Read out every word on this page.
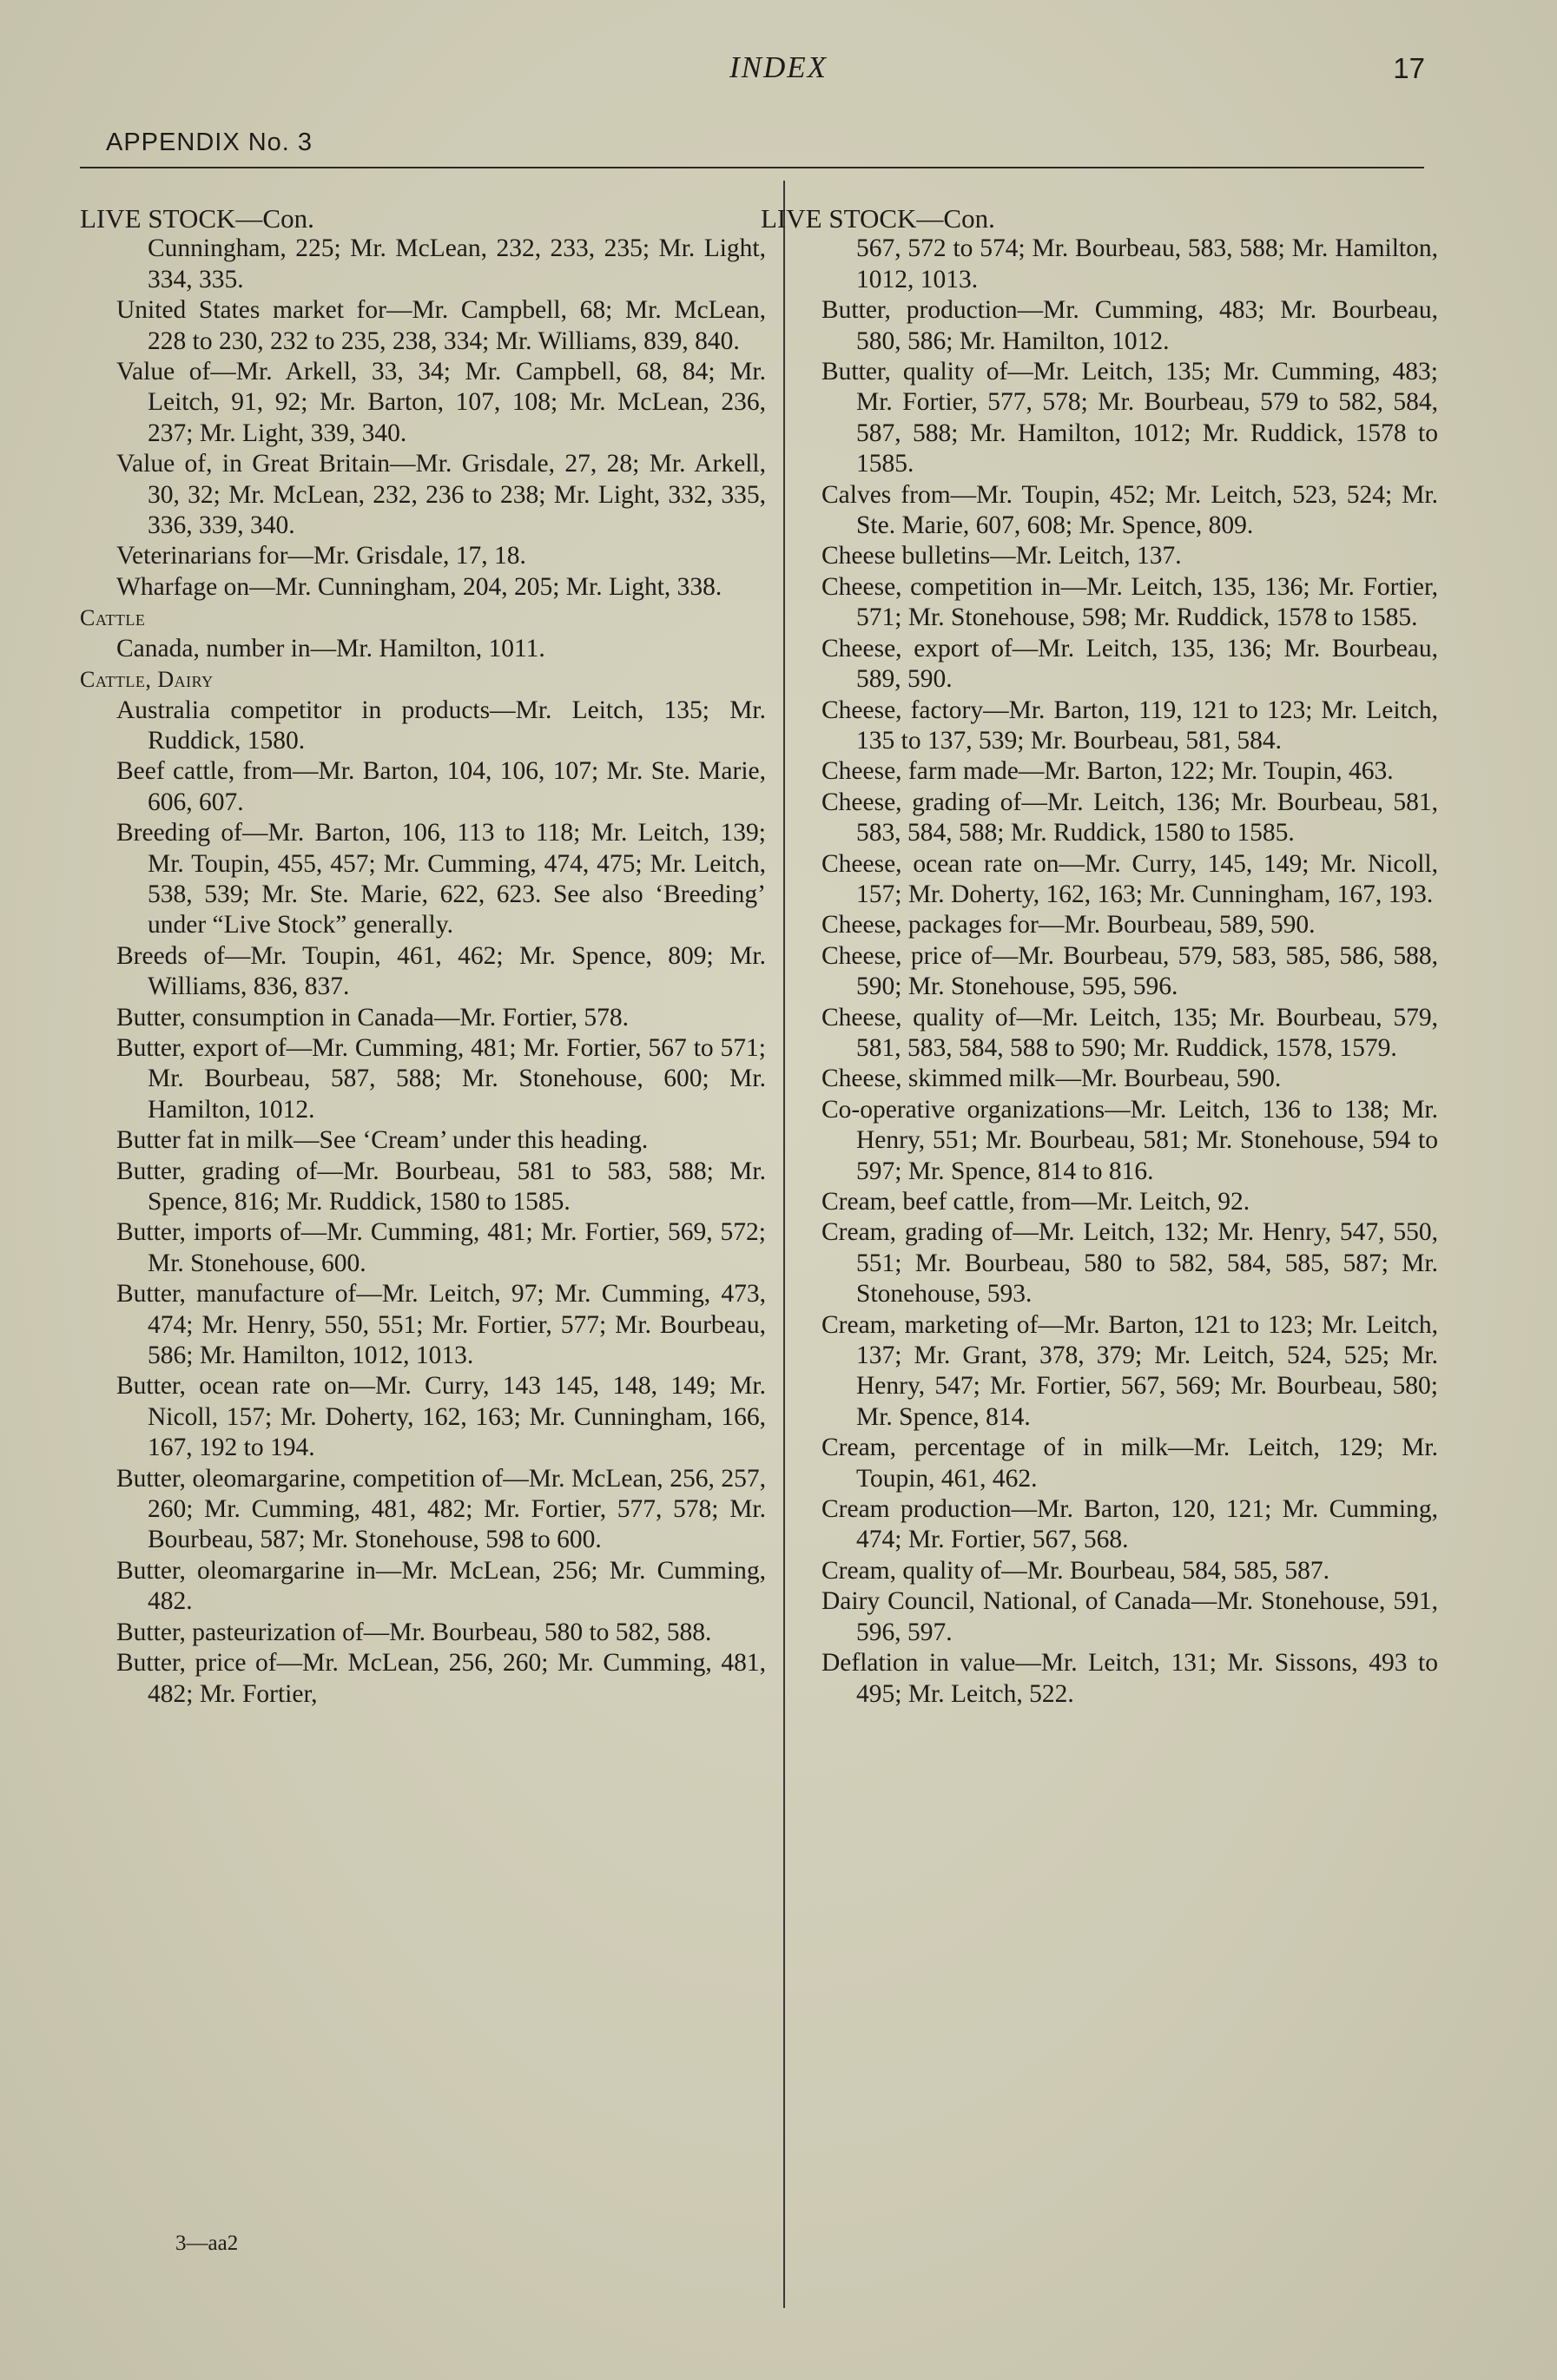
INDEX	17
APPENDIX No. 3
LIVE STOCK—Con.
Cunningham, 225; Mr. McLean, 232, 233, 235; Mr. Light, 334, 335.
United States market for—Mr. Campbell, 68; Mr. McLean, 228 to 230, 232 to 235, 238, 334; Mr. Williams, 839, 840.
Value of—Mr. Arkell, 33, 34; Mr. Campbell, 68, 84; Mr. Leitch, 91, 92; Mr. Barton, 107, 108; Mr. McLean, 236, 237; Mr. Light, 339, 340.
Value of, in Great Britain—Mr. Grisdale, 27, 28; Mr. Arkell, 30, 32; Mr. McLean, 232, 236 to 238; Mr. Light, 332, 335, 336, 339, 340.
Veterinarians for—Mr. Grisdale, 17, 18.
Wharfage on—Mr. Cunningham, 204, 205; Mr. Light, 338.
Cattle
Canada, number in—Mr. Hamilton, 1011.
Cattle, Dairy
Australia competitor in products—Mr. Leitch, 135; Mr. Ruddick, 1580.
Beef cattle, from—Mr. Barton, 104, 106, 107; Mr. Ste. Marie, 606, 607.
Breeding of—Mr. Barton, 106, 113 to 118; Mr. Leitch, 139; Mr. Toupin, 455, 457; Mr. Cumming, 474, 475; Mr. Leitch, 538, 539; Mr. Ste. Marie, 622, 623. See also ‘Breeding’ under “Live Stock” generally.
Breeds of—Mr. Toupin, 461, 462; Mr. Spence, 809; Mr. Williams, 836, 837.
Butter, consumption in Canada—Mr. Fortier, 578.
Butter, export of—Mr. Cumming, 481; Mr. Fortier, 567 to 571; Mr. Bourbeau, 587, 588; Mr. Stonehouse, 600; Mr. Hamilton, 1012.
Butter fat in milk—See ‘Cream’ under this heading.
Butter, grading of—Mr. Bourbeau, 581 to 583, 588; Mr. Spence, 816; Mr. Ruddick, 1580 to 1585.
Butter, imports of—Mr. Cumming, 481; Mr. Fortier, 569, 572; Mr. Stonehouse, 600.
Butter, manufacture of—Mr. Leitch, 97; Mr. Cumming, 473, 474; Mr. Henry, 550, 551; Mr. Fortier, 577; Mr. Bourbeau, 586; Mr. Hamilton, 1012, 1013.
Butter, ocean rate on—Mr. Curry, 143 145, 148, 149; Mr. Nicoll, 157; Mr. Doherty, 162, 163; Mr. Cunningham, 166, 167, 192 to 194.
Butter, oleomargarine, competition of—Mr. McLean, 256, 257, 260; Mr. Cumming, 481, 482; Mr. Fortier, 577, 578; Mr. Bourbeau, 587; Mr. Stonehouse, 598 to 600.
Butter, oleomargarine in—Mr. McLean, 256; Mr. Cumming, 482.
Butter, pasteurization of—Mr. Bourbeau, 580 to 582, 588.
Butter, price of—Mr. McLean, 256, 260; Mr. Cumming, 481, 482; Mr. Fortier,
LIVE STOCK—Con.
567, 572 to 574; Mr. Bourbeau, 583, 588; Mr. Hamilton, 1012, 1013.
Butter, production—Mr. Cumming, 483; Mr. Bourbeau, 580, 586; Mr. Hamilton, 1012.
Butter, quality of—Mr. Leitch, 135; Mr. Cumming, 483; Mr. Fortier, 577, 578; Mr. Bourbeau, 579 to 582, 584, 587, 588; Mr. Hamilton, 1012; Mr. Ruddick, 1578 to 1585.
Calves from—Mr. Toupin, 452; Mr. Leitch, 523, 524; Mr. Ste. Marie, 607, 608; Mr. Spence, 809.
Cheese bulletins—Mr. Leitch, 137.
Cheese, competition in—Mr. Leitch, 135, 136; Mr. Fortier, 571; Mr. Stonehouse, 598; Mr. Ruddick, 1578 to 1585.
Cheese, export of—Mr. Leitch, 135, 136; Mr. Bourbeau, 589, 590.
Cheese, factory—Mr. Barton, 119, 121 to 123; Mr. Leitch, 135 to 137, 539; Mr. Bourbeau, 581, 584.
Cheese, farm made—Mr. Barton, 122; Mr. Toupin, 463.
Cheese, grading of—Mr. Leitch, 136; Mr. Bourbeau, 581, 583, 584, 588; Mr. Ruddick, 1580 to 1585.
Cheese, ocean rate on—Mr. Curry, 145, 149; Mr. Nicoll, 157; Mr. Doherty, 162, 163; Mr. Cunningham, 167, 193.
Cheese, packages for—Mr. Bourbeau, 589, 590.
Cheese, price of—Mr. Bourbeau, 579, 583, 585, 586, 588, 590; Mr. Stonehouse, 595, 596.
Cheese, quality of—Mr. Leitch, 135; Mr. Bourbeau, 579, 581, 583, 584, 588 to 590; Mr. Ruddick, 1578, 1579.
Cheese, skimmed milk—Mr. Bourbeau, 590.
Co-operative organizations—Mr. Leitch, 136 to 138; Mr. Henry, 551; Mr. Bourbeau, 581; Mr. Stonehouse, 594 to 597; Mr. Spence, 814 to 816.
Cream, beef cattle, from—Mr. Leitch, 92.
Cream, grading of—Mr. Leitch, 132; Mr. Henry, 547, 550, 551; Mr. Bourbeau, 580 to 582, 584, 585, 587; Mr. Stonehouse, 593.
Cream, marketing of—Mr. Barton, 121 to 123; Mr. Leitch, 137; Mr. Grant, 378, 379; Mr. Leitch, 524, 525; Mr. Henry, 547; Mr. Fortier, 567, 569; Mr. Bourbeau, 580; Mr. Spence, 814.
Cream, percentage of in milk—Mr. Leitch, 129; Mr. Toupin, 461, 462.
Cream production—Mr. Barton, 120, 121; Mr. Cumming, 474; Mr. Fortier, 567, 568.
Cream, quality of—Mr. Bourbeau, 584, 585, 587.
Dairy Council, National, of Canada—Mr. Stonehouse, 591, 596, 597.
Deflation in value—Mr. Leitch, 131; Mr. Sissons, 493 to 495; Mr. Leitch, 522.
3—aa2
